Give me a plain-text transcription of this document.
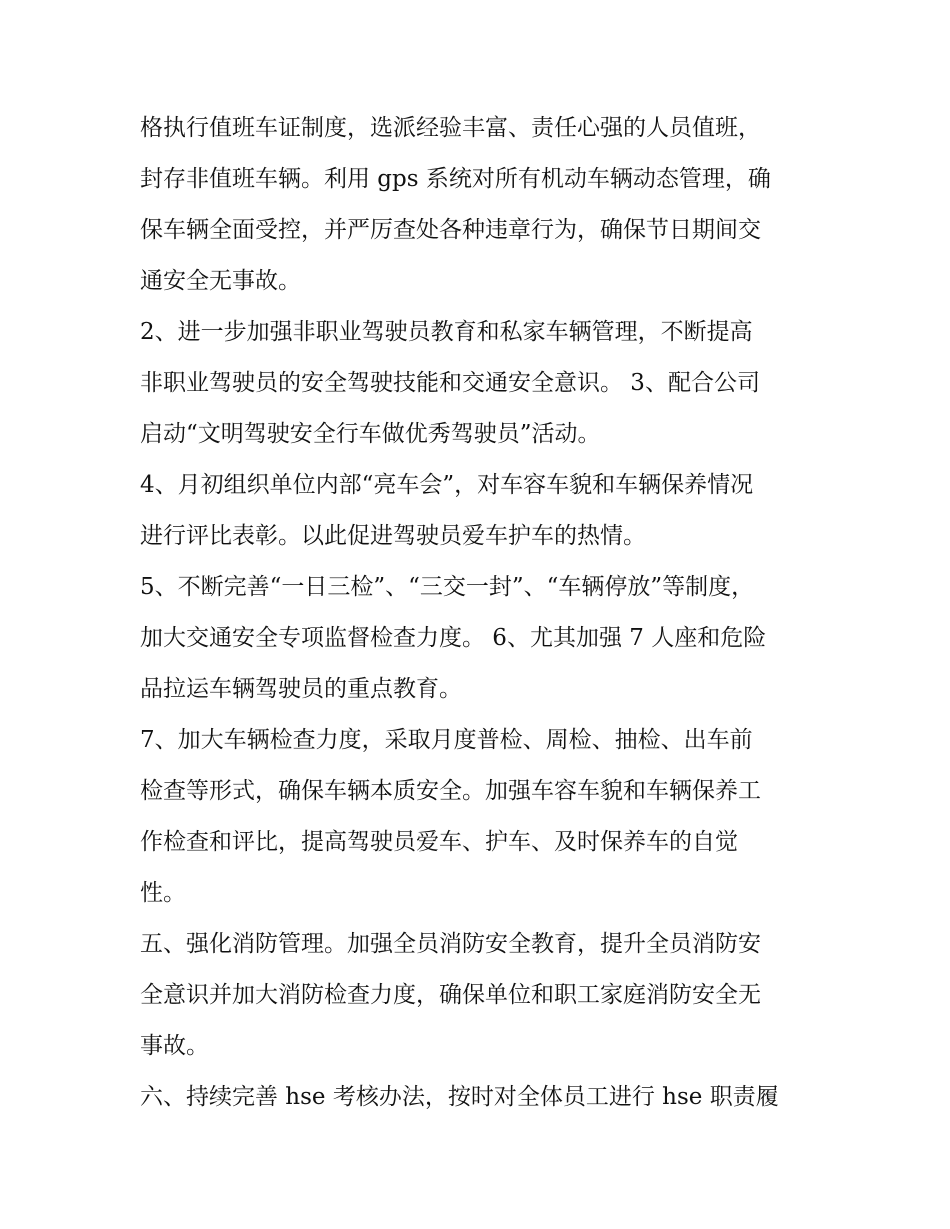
格执行值班车证制度，选派经验丰富、责任心强的人员值班，
封存非值班车辆。利用 gps 系统对所有机动车辆动态管理，确
保车辆全面受控，并严厉查处各种违章行为，确保节日期间交
通安全无事故。

2、进一步加强非职业驾驶员教育和私家车辆管理，不断提高
非职业驾驶员的安全驾驶技能和交通安全意识。 3、配合公司
启动“文明驾驶安全行车做优秀驾驶员”活动。

4、月初组织单位内部“亮车会”，对车容车貌和车辆保养情况
进行评比表彰。以此促进驾驶员爱车护车的热情。

5、不断完善“一日三检”、“三交一封”、“车辆停放”等制度，
加大交通安全专项监督检查力度。 6、尤其加强 7 人座和危险
品拉运车辆驾驶员的重点教育。

7、加大车辆检查力度，采取月度普检、周检、抽检、出车前
检查等形式，确保车辆本质安全。加强车容车貌和车辆保养工
作检查和评比，提高驾驶员爱车、护车、及时保养车的自觉
性。

五、强化消防管理。加强全员消防安全教育，提升全员消防安
全意识并加大消防检查力度，确保单位和职工家庭消防安全无
事故。

六、持续完善 hse 考核办法，按时对全体员工进行 hse 职责履
